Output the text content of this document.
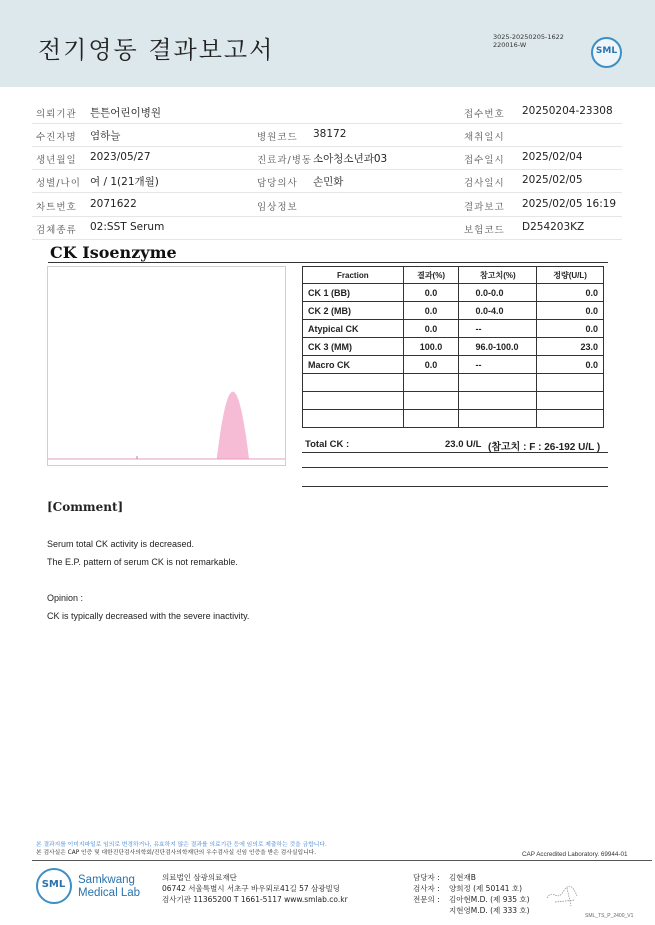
전기영동 결과보고서	3025-20250205-1622
220016-W
SML
의뢰기관 튼튼어린이병원	접수번호 20250204-23308
수진자명 염하늘	병원코드 38172	채취일시
생년월일 2023/05/27	진료과/병동 소아청소년과03	접수일시 2025/02/04
성별/나이 여 / 1(21개월)	담당의사 손민화	검사일시 2025/02/05
차트번호 2071622	임상정보	결과보고 2025/02/05 16:19
검체종류 02:SST Serum	보험코드 D254203KZ
CK Isoenzyme
Fraction	결과(%)	참고치(%)	정량(U/L)
CK 1 (BB)	0.0	0.0-0.0	0.0
CK 2 (MB)	0.0	0.0-4.0	0.0
Atypical CK	0.0	--	0.0
CK 3 (MM)	100.0	96.0-100.0	23.0
Macro CK	0.0	--	0.0

Total CK :	23.0 U/L (참고치 : F : 26-192 U/L )
[Comment]
Serum total CK activity is decreased.
The E.P. pattern of serum CK is not remarkable.
Opinion :
CK is typically decreased with the severe inactivity.
본 결과지를 이미지파일로 임의로 변경하거나, 유효하지 않은 결과를 의료기관 등에 임의로 제출하는 것을 금합니다.
본 검사실은 CAP 인증 및 대한진단검사의학회/진단검사의학재단의 우수검사실 신임 인증을 받은 검사실입니다.	CAP Accredited Laboratory. 69944-01
SML	Samkwang
Medical Lab
의료법인 삼광의료재단
06742 서울특별시 서초구 바우뫼로41길 57 삼광빌딩
검사기관 11365200 T 1661-5117 www.smlab.co.kr
담당자 : 김현재B
검사자 : 양희정 (제 50141 호)
전문의 : 김아현M.D. (제 935 호)
지현영M.D. (제 333 호)
SML_TS_P_2400_V1
